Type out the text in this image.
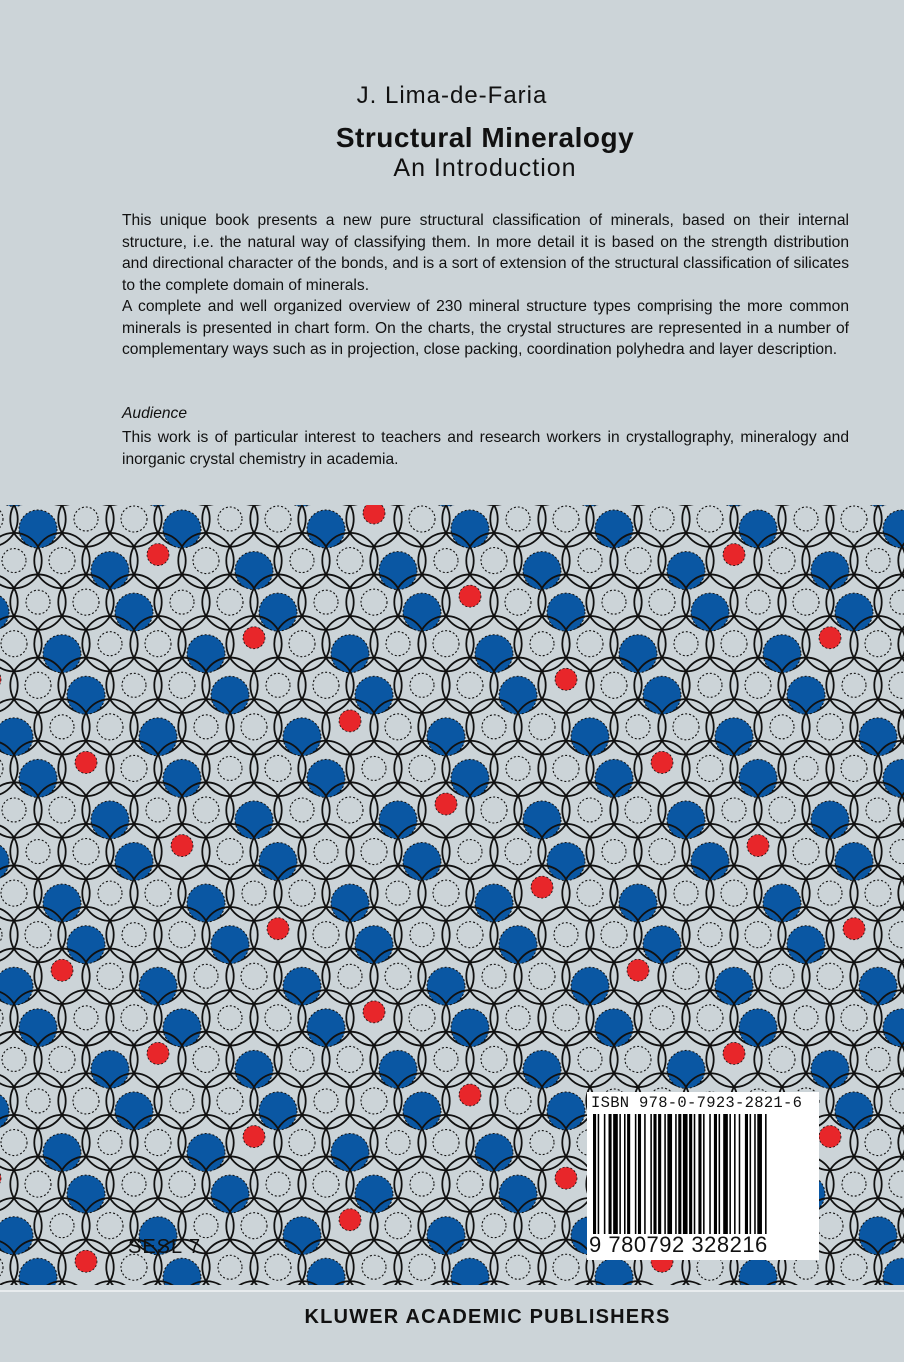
J. Lima-de-Faria
Structural Mineralogy
An Introduction

This unique book presents a new pure structural classification of minerals, based on their internal structure, i.e. the natural way of classifying them. In more detail it is based on the strength distribution and directional character of the bonds, and is a sort of extension of the structural classification of silicates to the complete domain of minerals.

A complete and well organized overview of 230 mineral structure types comprising the more common minerals is presented in chart form. On the charts, the crystal structures are represented in a number of complementary ways such as in projection, close packing, coordination polyhedra and layer description.

Audience
This work is of particular interest to teachers and research workers in crystallography, mineralogy and inorganic crystal chemistry in academia.
ISBN 978-0-7923-2821-6
9 780792 328216
SESL 7
KLUWER ACADEMIC PUBLISHERS
